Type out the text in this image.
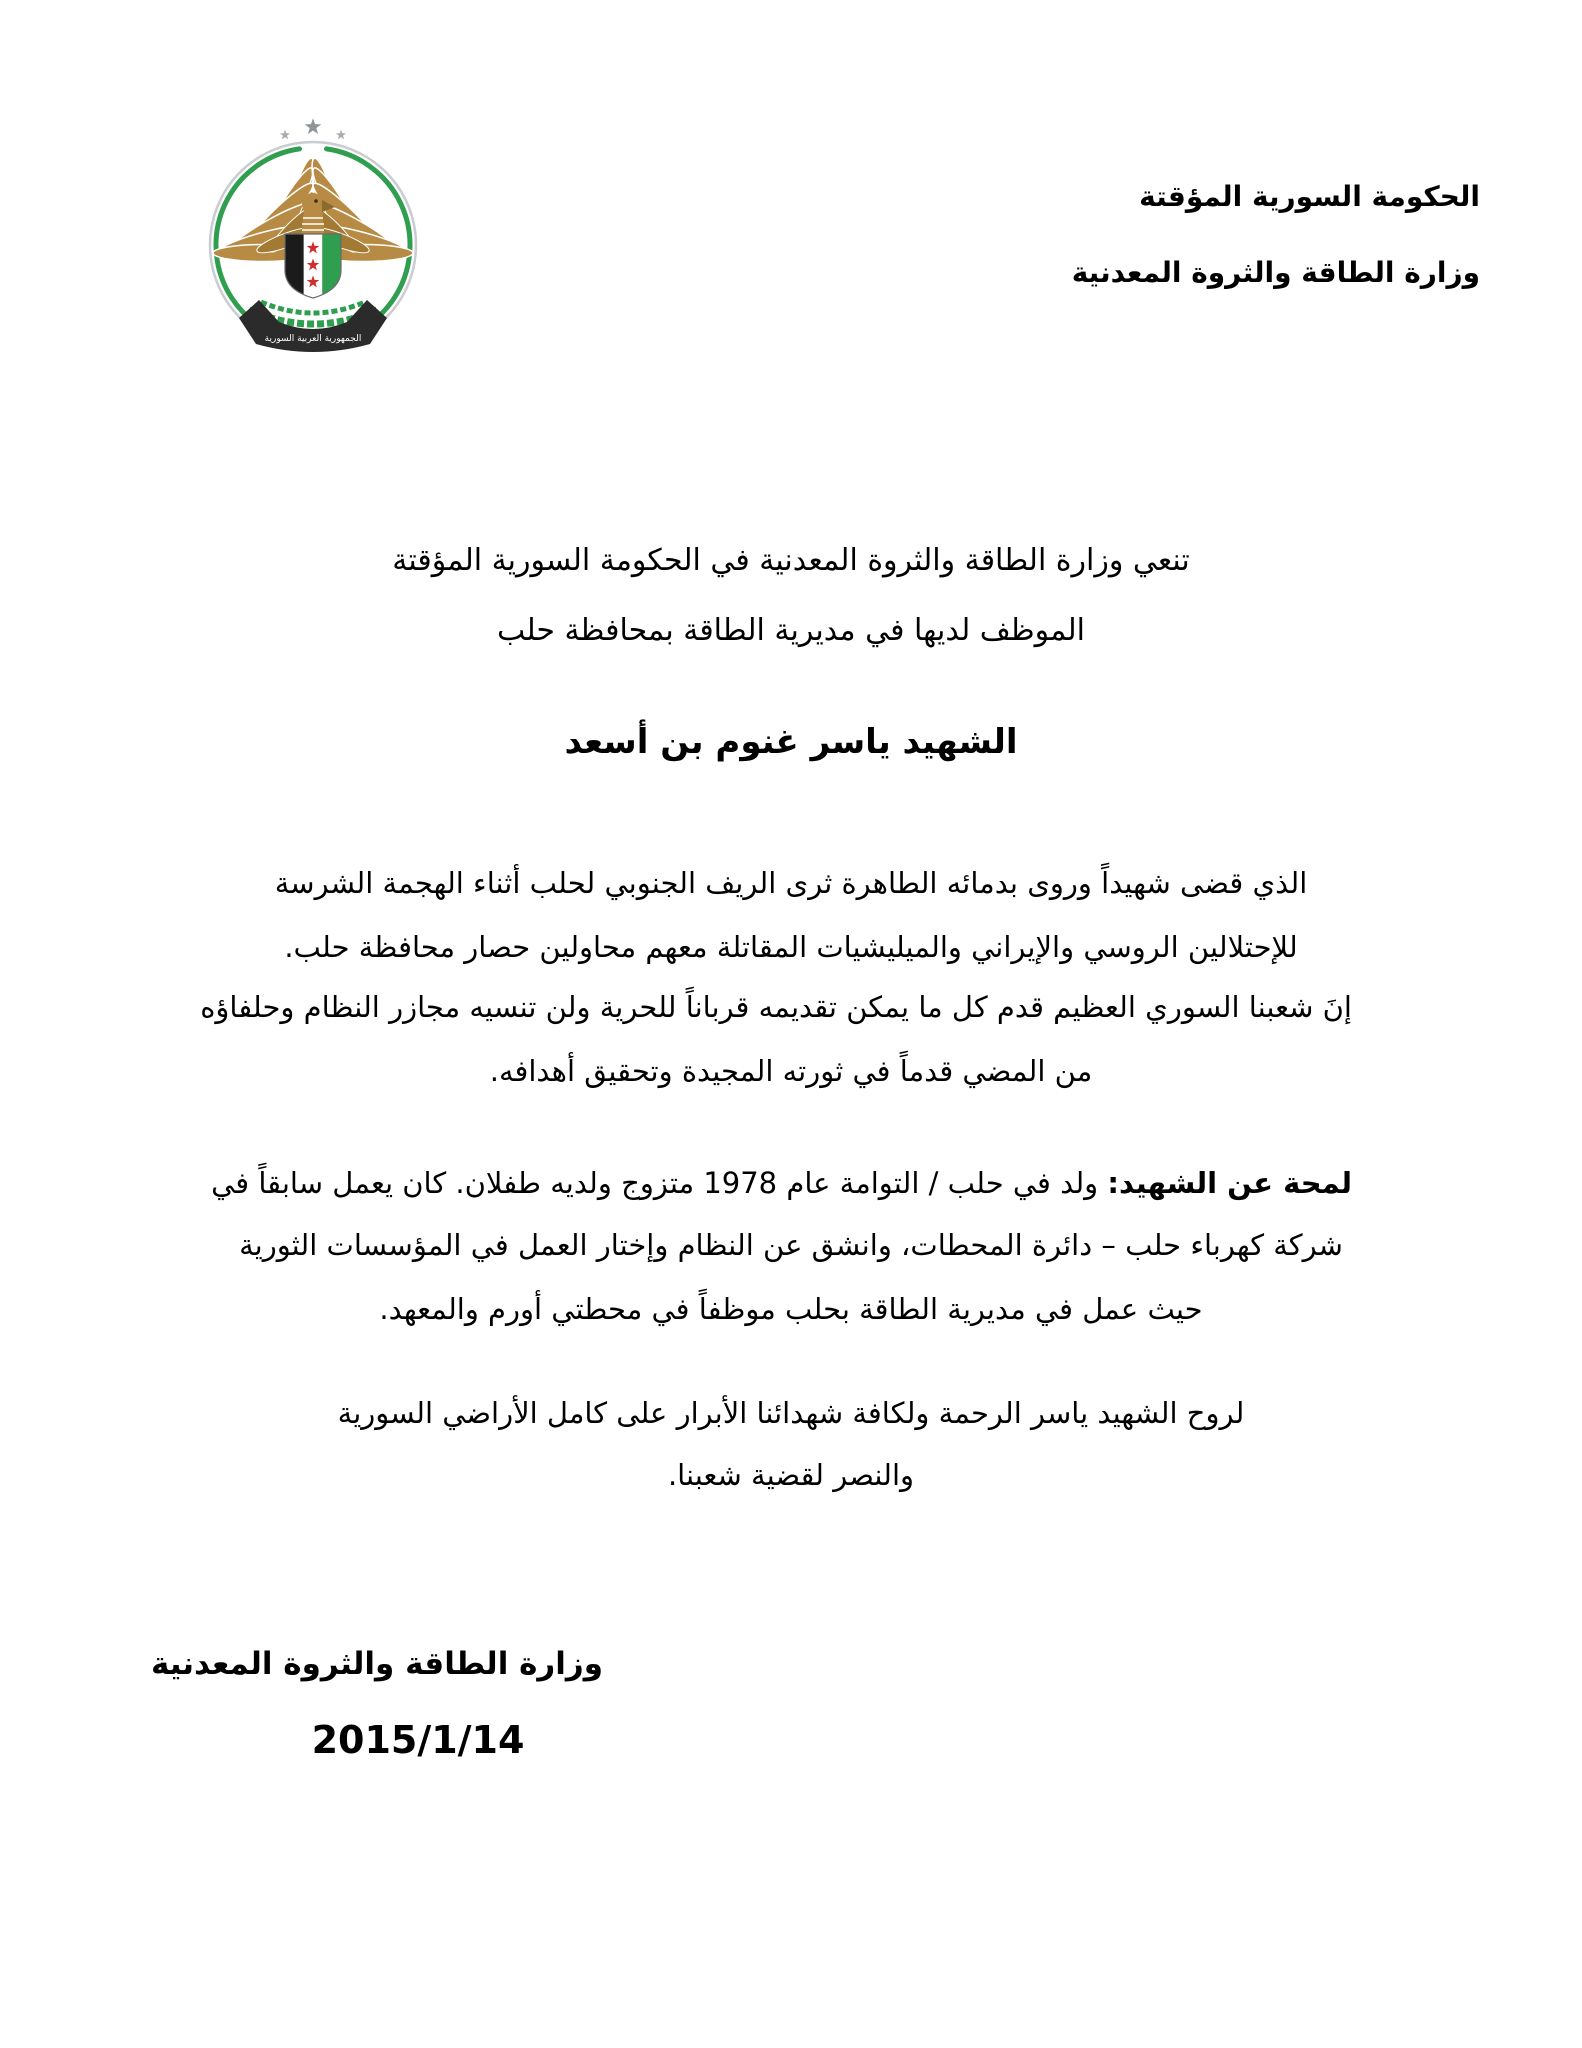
الجمهورية العربية السورية
الحكومة السورية المؤقتة
وزارة الطاقة والثروة المعدنية
تنعي وزارة الطاقة والثروة المعدنية في الحكومة السورية المؤقتة
الموظف لديها في مديرية الطاقة بمحافظة حلب
الشهيد ياسر غنوم بن أسعد
الذي قضى شهيداً وروى بدمائه الطاهرة ثرى الريف الجنوبي لحلب أثناء الهجمة الشرسة
للإحتلالين الروسي والإيراني والميليشيات المقاتلة معهم محاولين حصار محافظة حلب.
إنَ شعبنا السوري العظيم قدم كل ما يمكن تقديمه قرباناً للحرية ولن تنسيه مجازر النظام وحلفاؤه
من المضي قدماً في ثورته المجيدة وتحقيق أهدافه.
لمحة عن الشهيد: ولد في حلب / التوامة عام 1978 متزوج ولديه طفلان. كان يعمل سابقاً في
شركة كهرباء حلب – دائرة المحطات، وانشق عن النظام وإختار العمل في المؤسسات الثورية
حيث عمل في مديرية الطاقة بحلب موظفاً في محطتي أورم والمعهد.
لروح الشهيد ياسر الرحمة ولكافة شهدائنا الأبرار على كامل الأراضي السورية
والنصر لقضية شعبنا.
وزارة الطاقة والثروة المعدنية
2015/1/14
